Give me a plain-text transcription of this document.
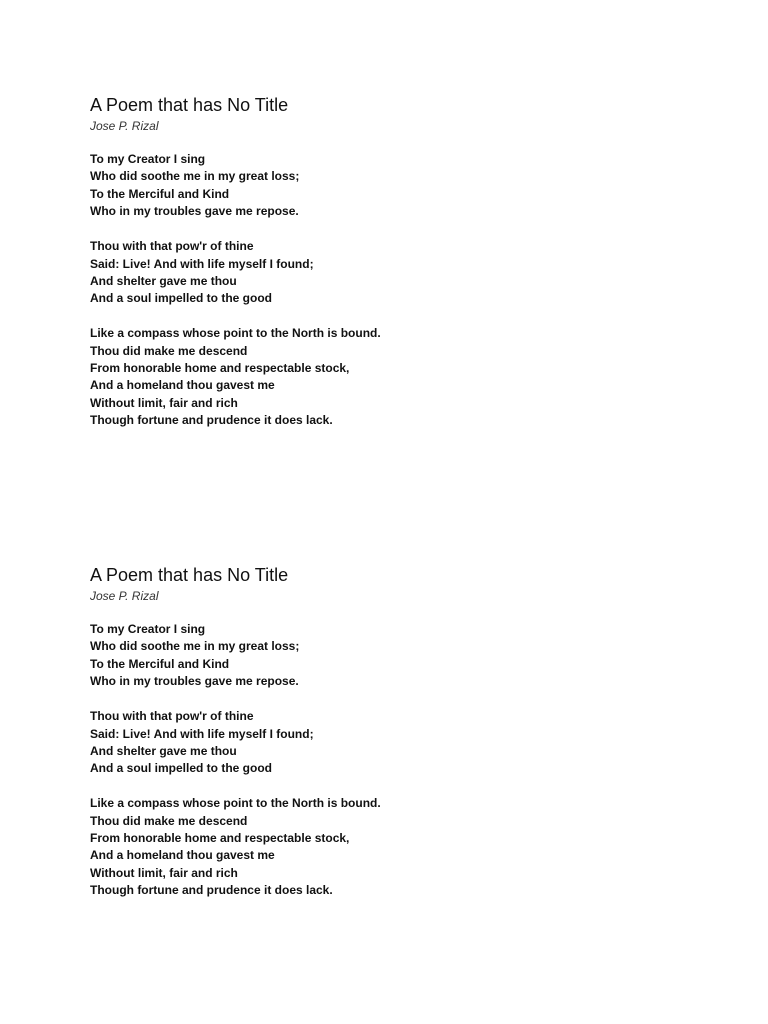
A Poem that has No Title
Jose P. Rizal
To my Creator I sing
Who did soothe me in my great loss;
To the Merciful and Kind
Who in my troubles gave me repose.
Thou with that pow'r of thine
Said: Live! And with life myself I found;
And shelter gave me thou
And a soul impelled to the good
Like a compass whose point to the North is bound.
Thou did make me descend
From honorable home and respectable stock,
And a homeland thou gavest me
Without limit, fair and rich
Though fortune and prudence it does lack.
A Poem that has No Title
Jose P. Rizal
To my Creator I sing
Who did soothe me in my great loss;
To the Merciful and Kind
Who in my troubles gave me repose.
Thou with that pow'r of thine
Said: Live! And with life myself I found;
And shelter gave me thou
And a soul impelled to the good
Like a compass whose point to the North is bound.
Thou did make me descend
From honorable home and respectable stock,
And a homeland thou gavest me
Without limit, fair and rich
Though fortune and prudence it does lack.
